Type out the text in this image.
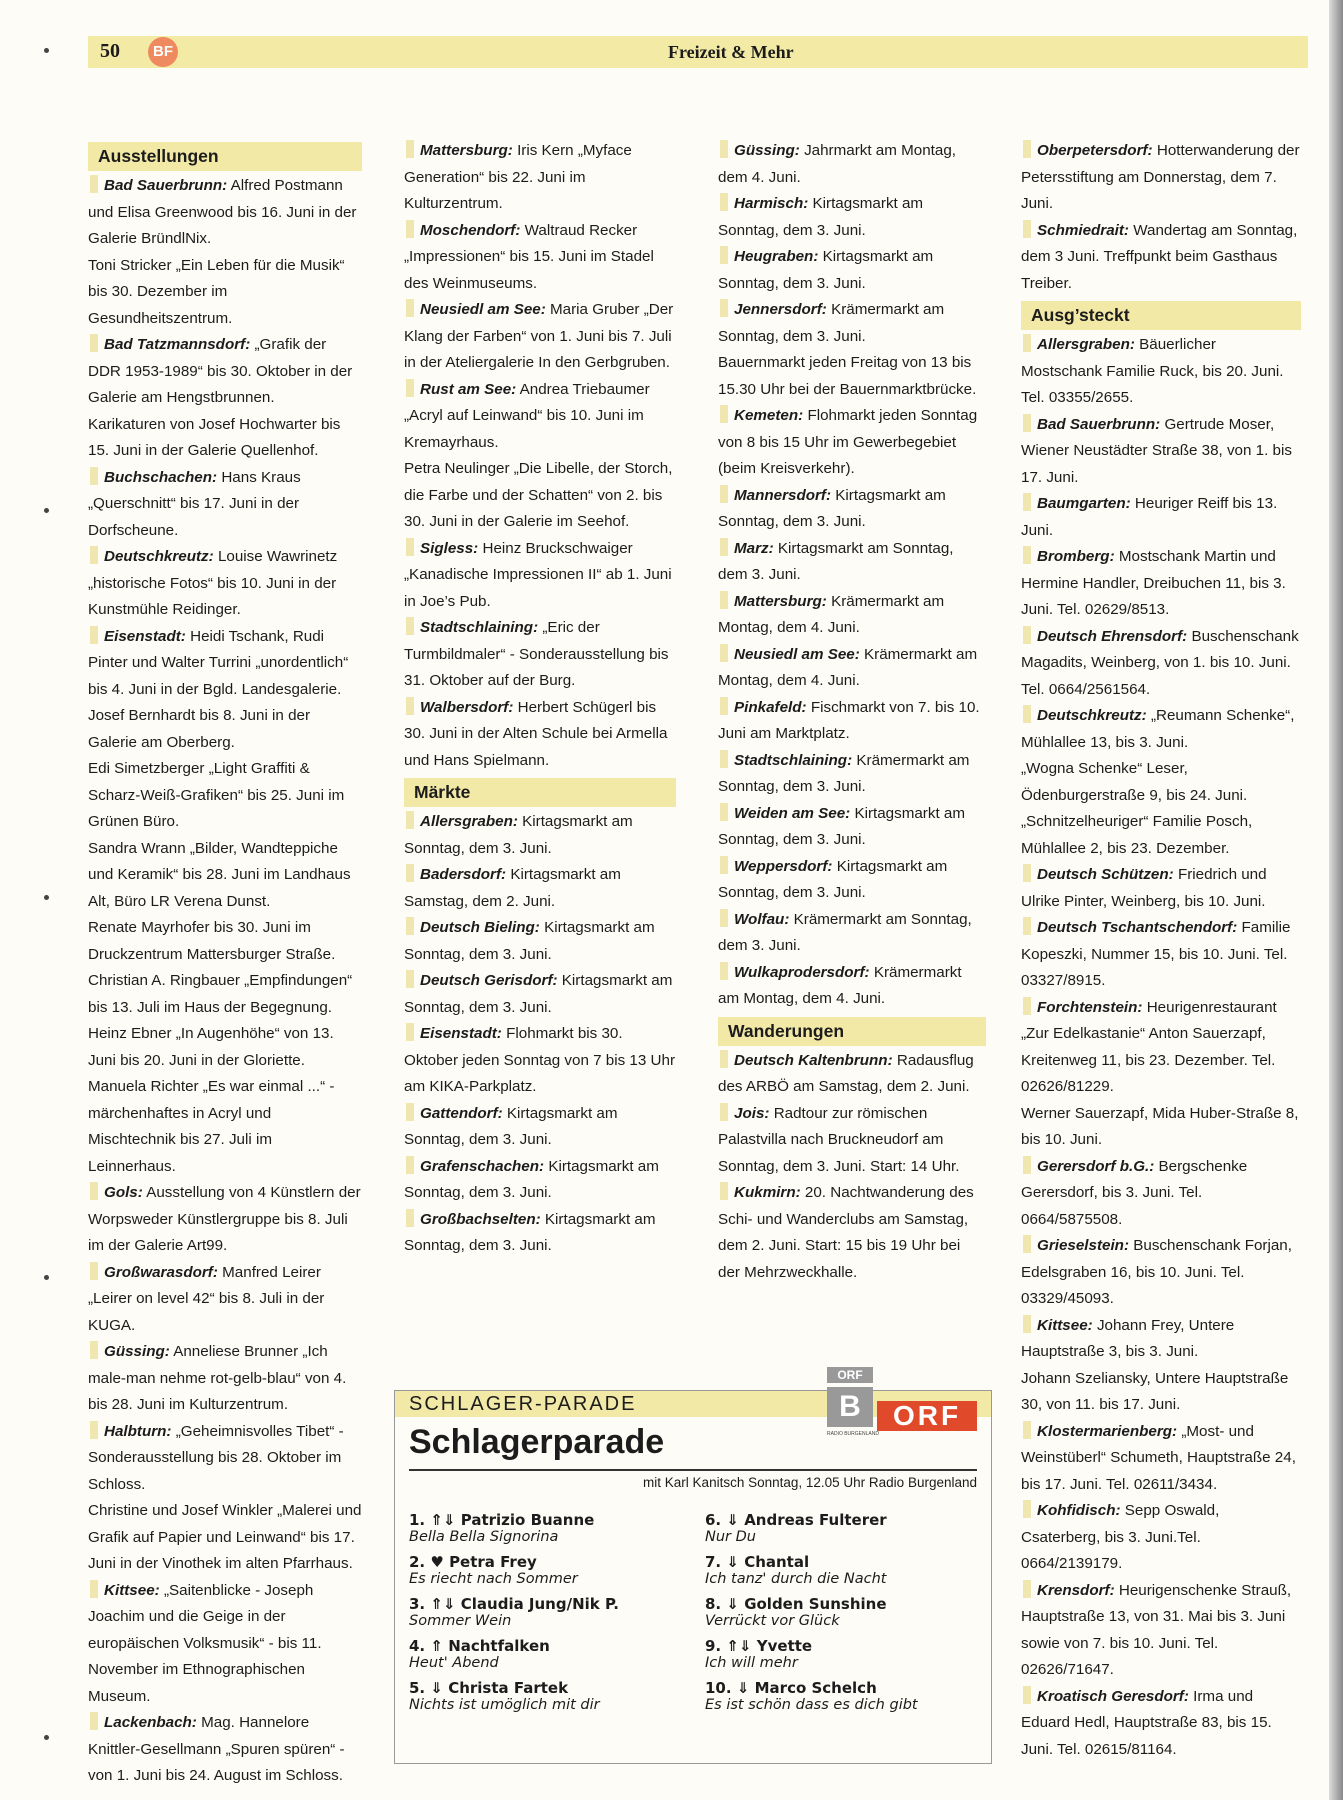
50	BF	Freizeit & Mehr
Ausstellungen

Bad Sauerbrunn: Alfred Postmann und Elisa Greenwood bis 16. Juni in der Galerie BründlNix.

Toni Stricker „Ein Leben für die Musik“ bis 30. Dezember im Gesundheitszentrum.

Bad Tatzmannsdorf: „Grafik der DDR 1953-1989“ bis 30. Oktober in der Galerie am Hengstbrunnen.

Karikaturen von Josef Hochwarter bis 15. Juni in der Galerie Quellenhof.

Buchschachen: Hans Kraus „Querschnitt“ bis 17. Juni in der Dorfscheune.

Deutschkreutz: Louise Wawrinetz „historische Fotos“ bis 10. Juni in der Kunstmühle Reidinger.

Eisenstadt: Heidi Tschank, Rudi Pinter und Walter Turrini „unordentlich“ bis 4. Juni in der Bgld. Landesgalerie.

Josef Bernhardt bis 8. Juni in der Galerie am Oberberg.

Edi Simetzberger „Light Graffiti & Scharz-Weiß-Grafiken“ bis 25. Juni im Grünen Büro.

Sandra Wrann „Bilder, Wandteppiche und Keramik“ bis 28. Juni im Landhaus Alt, Büro LR Verena Dunst.

Renate Mayrhofer bis 30. Juni im Druckzentrum Mattersburger Straße.

Christian A. Ringbauer „Empfindungen“ bis 13. Juli im Haus der Begegnung.

Heinz Ebner „In Augenhöhe“ von 13. Juni bis 20. Juni in der Gloriette.

Manuela Richter „Es war einmal ...“ - märchenhaftes in Acryl und Mischtechnik bis 27. Juli im Leinnerhaus.

Gols: Ausstellung von 4 Künstlern der Worpsweder Künstlergruppe bis 8. Juli im der Galerie Art99.

Großwarasdorf: Manfred Leirer „Leirer on level 42“ bis 8. Juli in der KUGA.

Güssing: Anneliese Brunner „Ich male-man nehme rot-gelb-blau“ von 4. bis 28. Juni im Kulturzentrum.

Halbturn: „Geheimnisvolles Tibet“ - Sonderausstellung bis 28. Oktober im Schloss.

Christine und Josef Winkler „Malerei und Grafik auf Papier und Leinwand“ bis 17. Juni in der Vinothek im alten Pfarrhaus.

Kittsee: „Saitenblicke - Joseph Joachim und die Geige in der europäischen Volksmusik“ - bis 11. November im Ethnographischen Museum.

Lackenbach: Mag. Hannelore Knittler-Gesellmann „Spuren spüren“ - von 1. Juni bis 24. August im Schloss.

Mattersburg: Iris Kern „Myface Generation“ bis 22. Juni im Kulturzentrum.

Moschendorf: Waltraud Recker „Impressionen“ bis 15. Juni im Stadel des Weinmuseums.

Neusiedl am See: Maria Gruber „Der Klang der Farben“ von 1. Juni bis 7. Juli in der Ateliergalerie In den Gerbgruben.

Rust am See: Andrea Triebaumer „Acryl auf Leinwand“ bis 10. Juni im Kremayrhaus.

Petra Neulinger „Die Libelle, der Storch, die Farbe und der Schatten“ von 2. bis 30. Juni in der Galerie im Seehof.

Sigless: Heinz Bruckschwaiger „Kanadische Impressionen II“ ab 1. Juni in Joe’s Pub.

Stadtschlaining: „Eric der Turmbildmaler“ - Sonderausstellung bis 31. Oktober auf der Burg.

Walbersdorf: Herbert Schügerl bis 30. Juni in der Alten Schule bei Armella und Hans Spielmann.

Märkte

Allersgraben: Kirtagsmarkt am Sonntag, dem 3. Juni.

Badersdorf: Kirtagsmarkt am Samstag, dem 2. Juni.

Deutsch Bieling: Kirtagsmarkt am Sonntag, dem 3. Juni.

Deutsch Gerisdorf: Kirtagsmarkt am Sonntag, dem 3. Juni.

Eisenstadt: Flohmarkt bis 30. Oktober jeden Sonntag von 7 bis 13 Uhr am KIKA-Parkplatz.

Gattendorf: Kirtagsmarkt am Sonntag, dem 3. Juni.

Grafenschachen: Kirtagsmarkt am Sonntag, dem 3. Juni.

Großbachselten: Kirtagsmarkt am Sonntag, dem 3. Juni.

Güssing: Jahrmarkt am Montag, dem 4. Juni.

Harmisch: Kirtagsmarkt am Sonntag, dem 3. Juni.

Heugraben: Kirtagsmarkt am Sonntag, dem 3. Juni.

Jennersdorf: Krämermarkt am Sonntag, dem 3. Juni.

Bauernmarkt jeden Freitag von 13 bis 15.30 Uhr bei der Bauernmarktbrücke.

Kemeten: Flohmarkt jeden Sonntag von 8 bis 15 Uhr im Gewerbegebiet (beim Kreisverkehr).

Mannersdorf: Kirtagsmarkt am Sonntag, dem 3. Juni.

Marz: Kirtagsmarkt am Sonntag, dem 3. Juni.

Mattersburg: Krämermarkt am Montag, dem 4. Juni.

Neusiedl am See: Krämermarkt am Montag, dem 4. Juni.

Pinkafeld: Fischmarkt von 7. bis 10. Juni am Marktplatz.

Stadtschlaining: Krämermarkt am Sonntag, dem 3. Juni.

Weiden am See: Kirtagsmarkt am Sonntag, dem 3. Juni.

Weppersdorf: Kirtagsmarkt am Sonntag, dem 3. Juni.

Wolfau: Krämermarkt am Sonntag, dem 3. Juni.

Wulkaprodersdorf: Krämermarkt am Montag, dem 4. Juni.

Wanderungen

Deutsch Kaltenbrunn: Radausflug des ARBÖ am Samstag, dem 2. Juni.

Jois: Radtour zur römischen Palastvilla nach Bruckneudorf am Sonntag, dem 3. Juni. Start: 14 Uhr.

Kukmirn: 20. Nachtwanderung des Schi- und Wanderclubs am Samstag, dem 2. Juni. Start: 15 bis 19 Uhr bei der Mehrzweckhalle.

Oberpetersdorf: Hotterwanderung der Petersstiftung am Donnerstag, dem 7. Juni.

Schmiedrait: Wandertag am Sonntag, dem 3 Juni. Treffpunkt beim Gasthaus Treiber.

Ausg’steckt

Allersgraben: Bäuerlicher Mostschank Familie Ruck, bis 20. Juni. Tel. 03355/2655.

Bad Sauerbrunn: Gertrude Moser, Wiener Neustädter Straße 38, von 1. bis 17. Juni.

Baumgarten: Heuriger Reiff bis 13. Juni.

Bromberg: Mostschank Martin und Hermine Handler, Dreibuchen 11, bis 3. Juni. Tel. 02629/8513.

Deutsch Ehrensdorf: Buschenschank Magadits, Weinberg, von 1. bis 10. Juni. Tel. 0664/2561564.

Deutschkreutz: „Reumann Schenke“, Mühlallee 13, bis 3. Juni.

„Wogna Schenke“ Leser, Ödenburgerstraße 9, bis 24. Juni.

„Schnitzelheuriger“ Familie Posch, Mühlallee 2, bis 23. Dezember.

Deutsch Schützen: Friedrich und Ulrike Pinter, Weinberg, bis 10. Juni.

Deutsch Tschantschendorf: Familie Kopeszki, Nummer 15, bis 10. Juni. Tel. 03327/8915.

Forchtenstein: Heurigenrestaurant „Zur Edelkastanie“ Anton Sauerzapf, Kreitenweg 11, bis 23. Dezember. Tel. 02626/81229.

Werner Sauerzapf, Mida Huber-Straße 8, bis 10. Juni.

Gerersdorf b.G.: Bergschenke Gerersdorf, bis 3. Juni. Tel. 0664/5875508.

Grieselstein: Buschenschank Forjan, Edelsgraben 16, bis 10. Juni. Tel. 03329/45093.

Kittsee: Johann Frey, Untere Hauptstraße 3, bis 3. Juni.

Johann Szeliansky, Untere Hauptstraße 30, von 11. bis 17. Juni.

Klostermarienberg: „Most- und Weinstüberl“ Schumeth, Hauptstraße 24, bis 17. Juni. Tel. 02611/3434.

Kohfidisch: Sepp Oswald, Csaterberg, bis 3. Juni.Tel. 0664/2139179.

Krensdorf: Heurigenschenke Strauß, Hauptstraße 13, von 31. Mai bis 3. Juni sowie von 7. bis 10. Juni. Tel. 02626/71647.

Kroatisch Geresdorf: Irma und Eduard Hedl, Hauptstraße 83, bis 15. Juni. Tel. 02615/81164.

SCHLAGER-PARADE
Schlagerparade
mit Karl Kanitsch Sonntag, 12.05 Uhr Radio Burgenland
ORF
B	ORF
RADIO BURGENLAND
1. ⇑⇓ Patrizio Buanne
Bella Bella Signorina
2. ♥ Petra Frey
Es riecht nach Sommer
3. ⇑⇓ Claudia Jung/Nik P.
Sommer Wein
4. ⇑ Nachtfalken
Heut' Abend
5. ⇓ Christa Fartek
Nichts ist umöglich mit dir
6. ⇓ Andreas Fulterer
Nur Du
7. ⇓ Chantal
Ich tanz' durch die Nacht
8. ⇓ Golden Sunshine
Verrückt vor Glück
9. ⇑⇓ Yvette
Ich will mehr
10. ⇓ Marco Schelch
Es ist schön dass es dich gibt
